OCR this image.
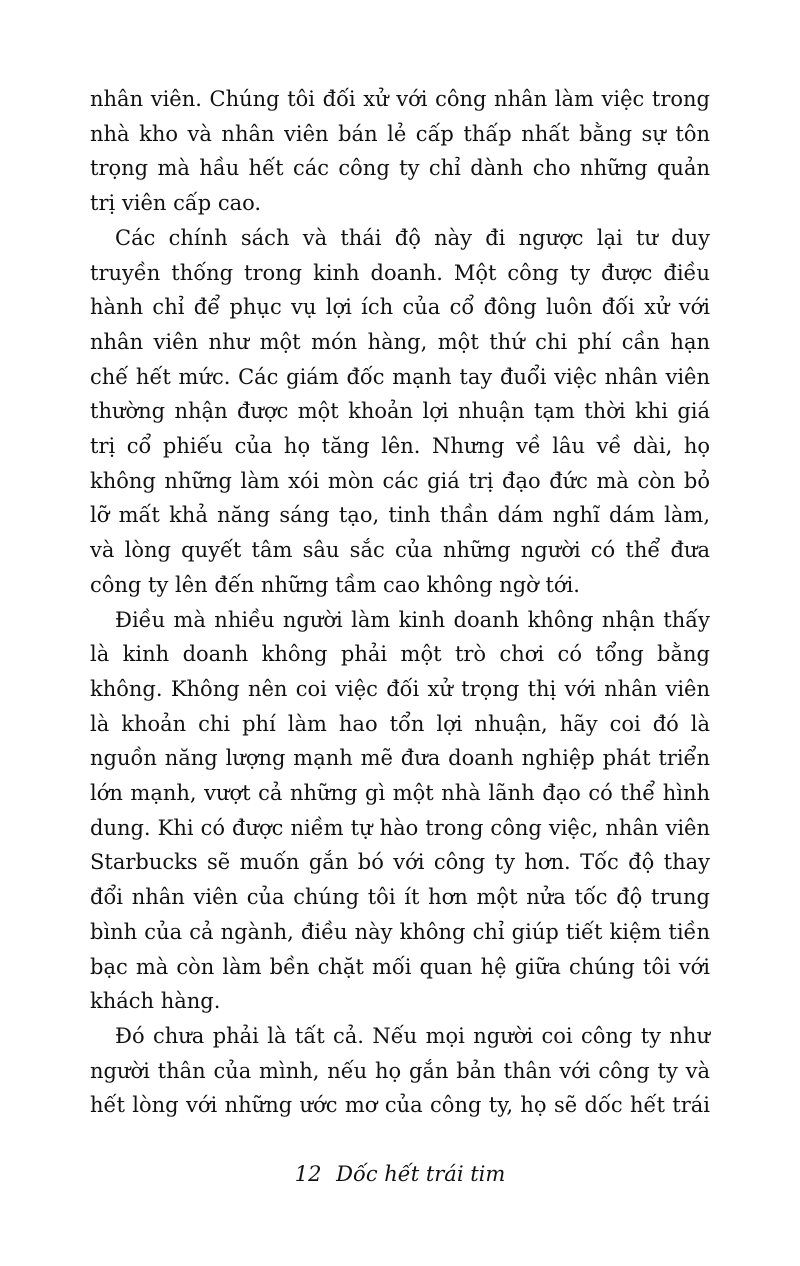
nhân viên. Chúng tôi đối xử với công nhân làm việc trong
nhà kho và nhân viên bán lẻ cấp thấp nhất bằng sự tôn
trọng mà hầu hết các công ty chỉ dành cho những quản
trị viên cấp cao.
Các chính sách và thái độ này đi ngược lại tư duy
truyền thống trong kinh doanh. Một công ty được điều
hành chỉ để phục vụ lợi ích của cổ đông luôn đối xử với
nhân viên như một món hàng, một thứ chi phí cần hạn
chế hết mức. Các giám đốc mạnh tay đuổi việc nhân viên
thường nhận được một khoản lợi nhuận tạm thời khi giá
trị cổ phiếu của họ tăng lên. Nhưng về lâu về dài, họ
không những làm xói mòn các giá trị đạo đức mà còn bỏ
lỡ mất khả năng sáng tạo, tinh thần dám nghĩ dám làm,
và lòng quyết tâm sâu sắc của những người có thể đưa
công ty lên đến những tầm cao không ngờ tới.
Điều mà nhiều người làm kinh doanh không nhận thấy
là kinh doanh không phải một trò chơi có tổng bằng
không. Không nên coi việc đối xử trọng thị với nhân viên
là khoản chi phí làm hao tổn lợi nhuận, hãy coi đó là
nguồn năng lượng mạnh mẽ đưa doanh nghiệp phát triển
lớn mạnh, vượt cả những gì một nhà lãnh đạo có thể hình
dung. Khi có được niềm tự hào trong công việc, nhân viên
Starbucks sẽ muốn gắn bó với công ty hơn. Tốc độ thay
đổi nhân viên của chúng tôi ít hơn một nửa tốc độ trung
bình của cả ngành, điều này không chỉ giúp tiết kiệm tiền
bạc mà còn làm bền chặt mối quan hệ giữa chúng tôi với
khách hàng.
Đó chưa phải là tất cả. Nếu mọi người coi công ty như
người thân của mình, nếu họ gắn bản thân với công ty và
hết lòng với những ước mơ của công ty, họ sẽ dốc hết trái
12 Dốc hết trái tim
